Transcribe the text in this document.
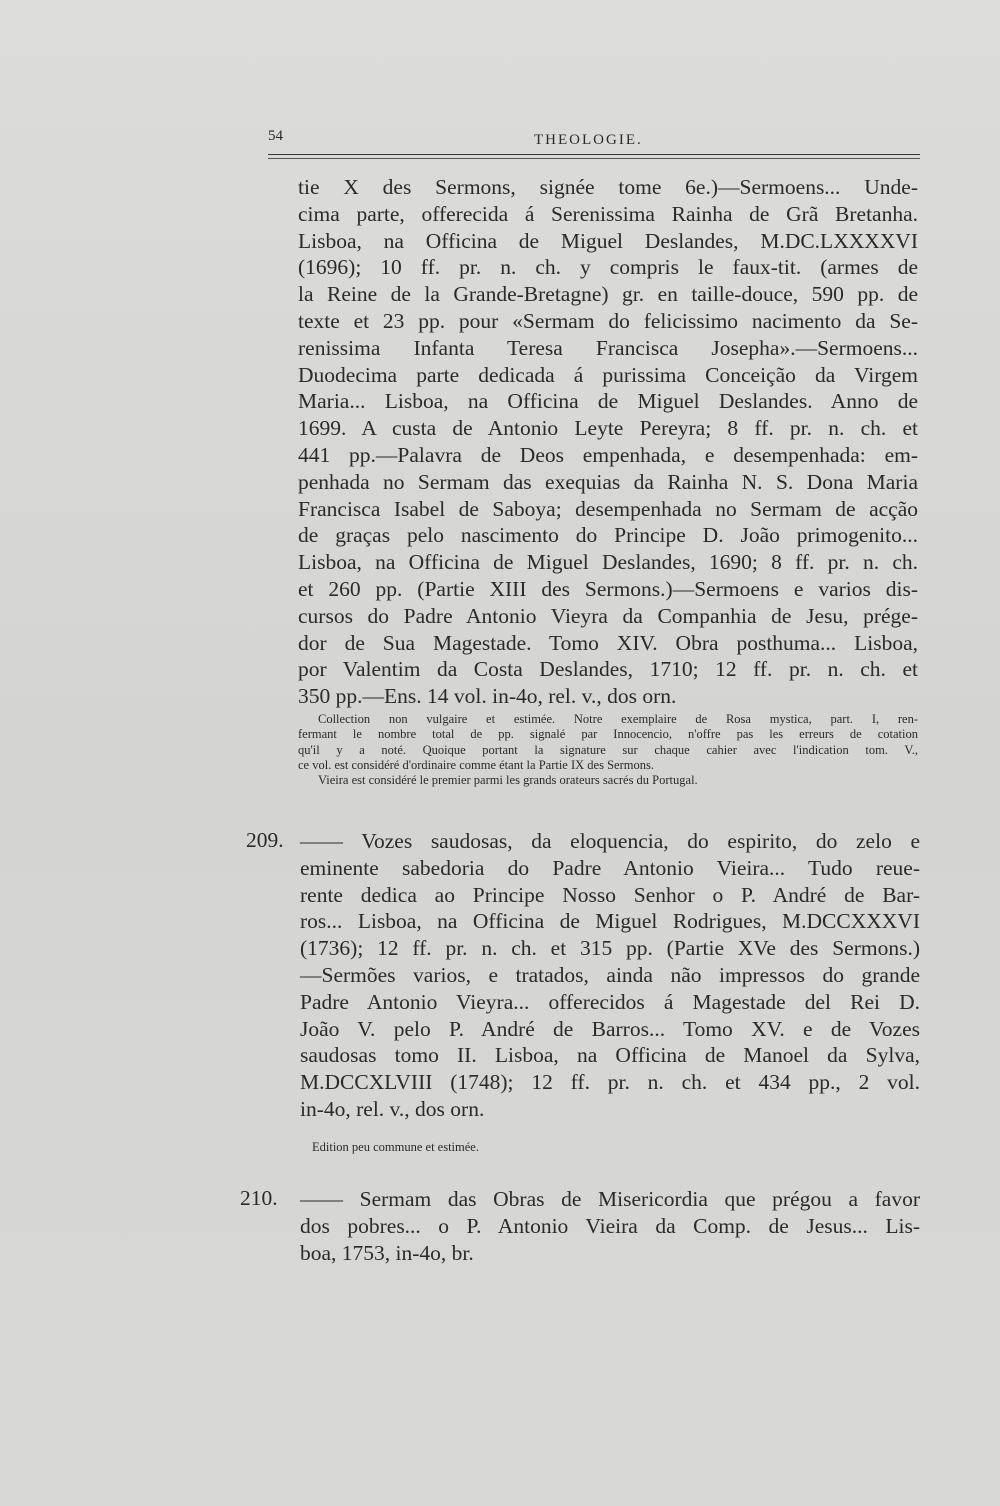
54	THEOLOGIE.
tie X des Sermons, signée tome 6e.)—Sermoens... Unde-
cima parte, offerecida á Serenissima Rainha de Grã Bretanha.
Lisboa, na Officina de Miguel Deslandes, M.DC.LXXXXVI
(1696); 10 ff. pr. n. ch. y compris le faux-tit. (armes de
la Reine de la Grande-Bretagne) gr. en taille-douce, 590 pp. de
texte et 23 pp. pour «Sermam do felicissimo nacimento da Se-
renissima Infanta Teresa Francisca Josepha».—Sermoens...
Duodecima parte dedicada á purissima Conceição da Virgem
Maria... Lisboa, na Officina de Miguel Deslandes. Anno de
1699. A custa de Antonio Leyte Pereyra; 8 ff. pr. n. ch. et
441 pp.—Palavra de Deos empenhada, e desempenhada: em-
penhada no Sermam das exequias da Rainha N. S. Dona Maria
Francisca Isabel de Saboya; desempenhada no Sermam de acção
de graças pelo nascimento do Principe D. João primogenito...
Lisboa, na Officina de Miguel Deslandes, 1690; 8 ff. pr. n. ch.
et 260 pp. (Partie XIII des Sermons.)—Sermoens e varios dis-
cursos do Padre Antonio Vieyra da Companhia de Jesu, prége-
dor de Sua Magestade. Tomo XIV. Obra posthuma... Lisboa,
por Valentim da Costa Deslandes, 1710; 12 ff. pr. n. ch. et
350 pp.—Ens. 14 vol. in-4o, rel. v., dos orn.
Collection non vulgaire et estimée. Notre exemplaire de Rosa mystica, part. I, ren-
fermant le nombre total de pp. signalé par Innocencio, n'offre pas les erreurs de cotation
qu'il y a noté. Quoique portant la signature sur chaque cahier avec l'indication tom. V.,
ce vol. est considéré d'ordinaire comme étant la Partie IX des Sermons.
Vieira est considéré le premier parmi les grands orateurs sacrés du Portugal.
209. —— Vozes saudosas, da eloquencia, do espirito, do zelo e
eminente sabedoria do Padre Antonio Vieira... Tudo reue-
rente dedica ao Principe Nosso Senhor o P. André de Bar-
ros... Lisboa, na Officina de Miguel Rodrigues, M.DCCXXXVI
(1736); 12 ff. pr. n. ch. et 315 pp. (Partie XVe des Sermons.)
—Sermões varios, e tratados, ainda não impressos do grande
Padre Antonio Vieyra... offerecidos á Magestade del Rei D.
João V. pelo P. André de Barros... Tomo XV. e de Vozes
saudosas tomo II. Lisboa, na Officina de Manoel da Sylva,
M.DCCXLVIII (1748); 12 ff. pr. n. ch. et 434 pp., 2 vol.
in-4o, rel. v., dos orn.
Edition peu commune et estimée.
210. —— Sermam das Obras de Misericordia que prégou a favor
dos pobres... o P. Antonio Vieira da Comp. de Jesus... Lis-
boa, 1753, in-4o, br.
